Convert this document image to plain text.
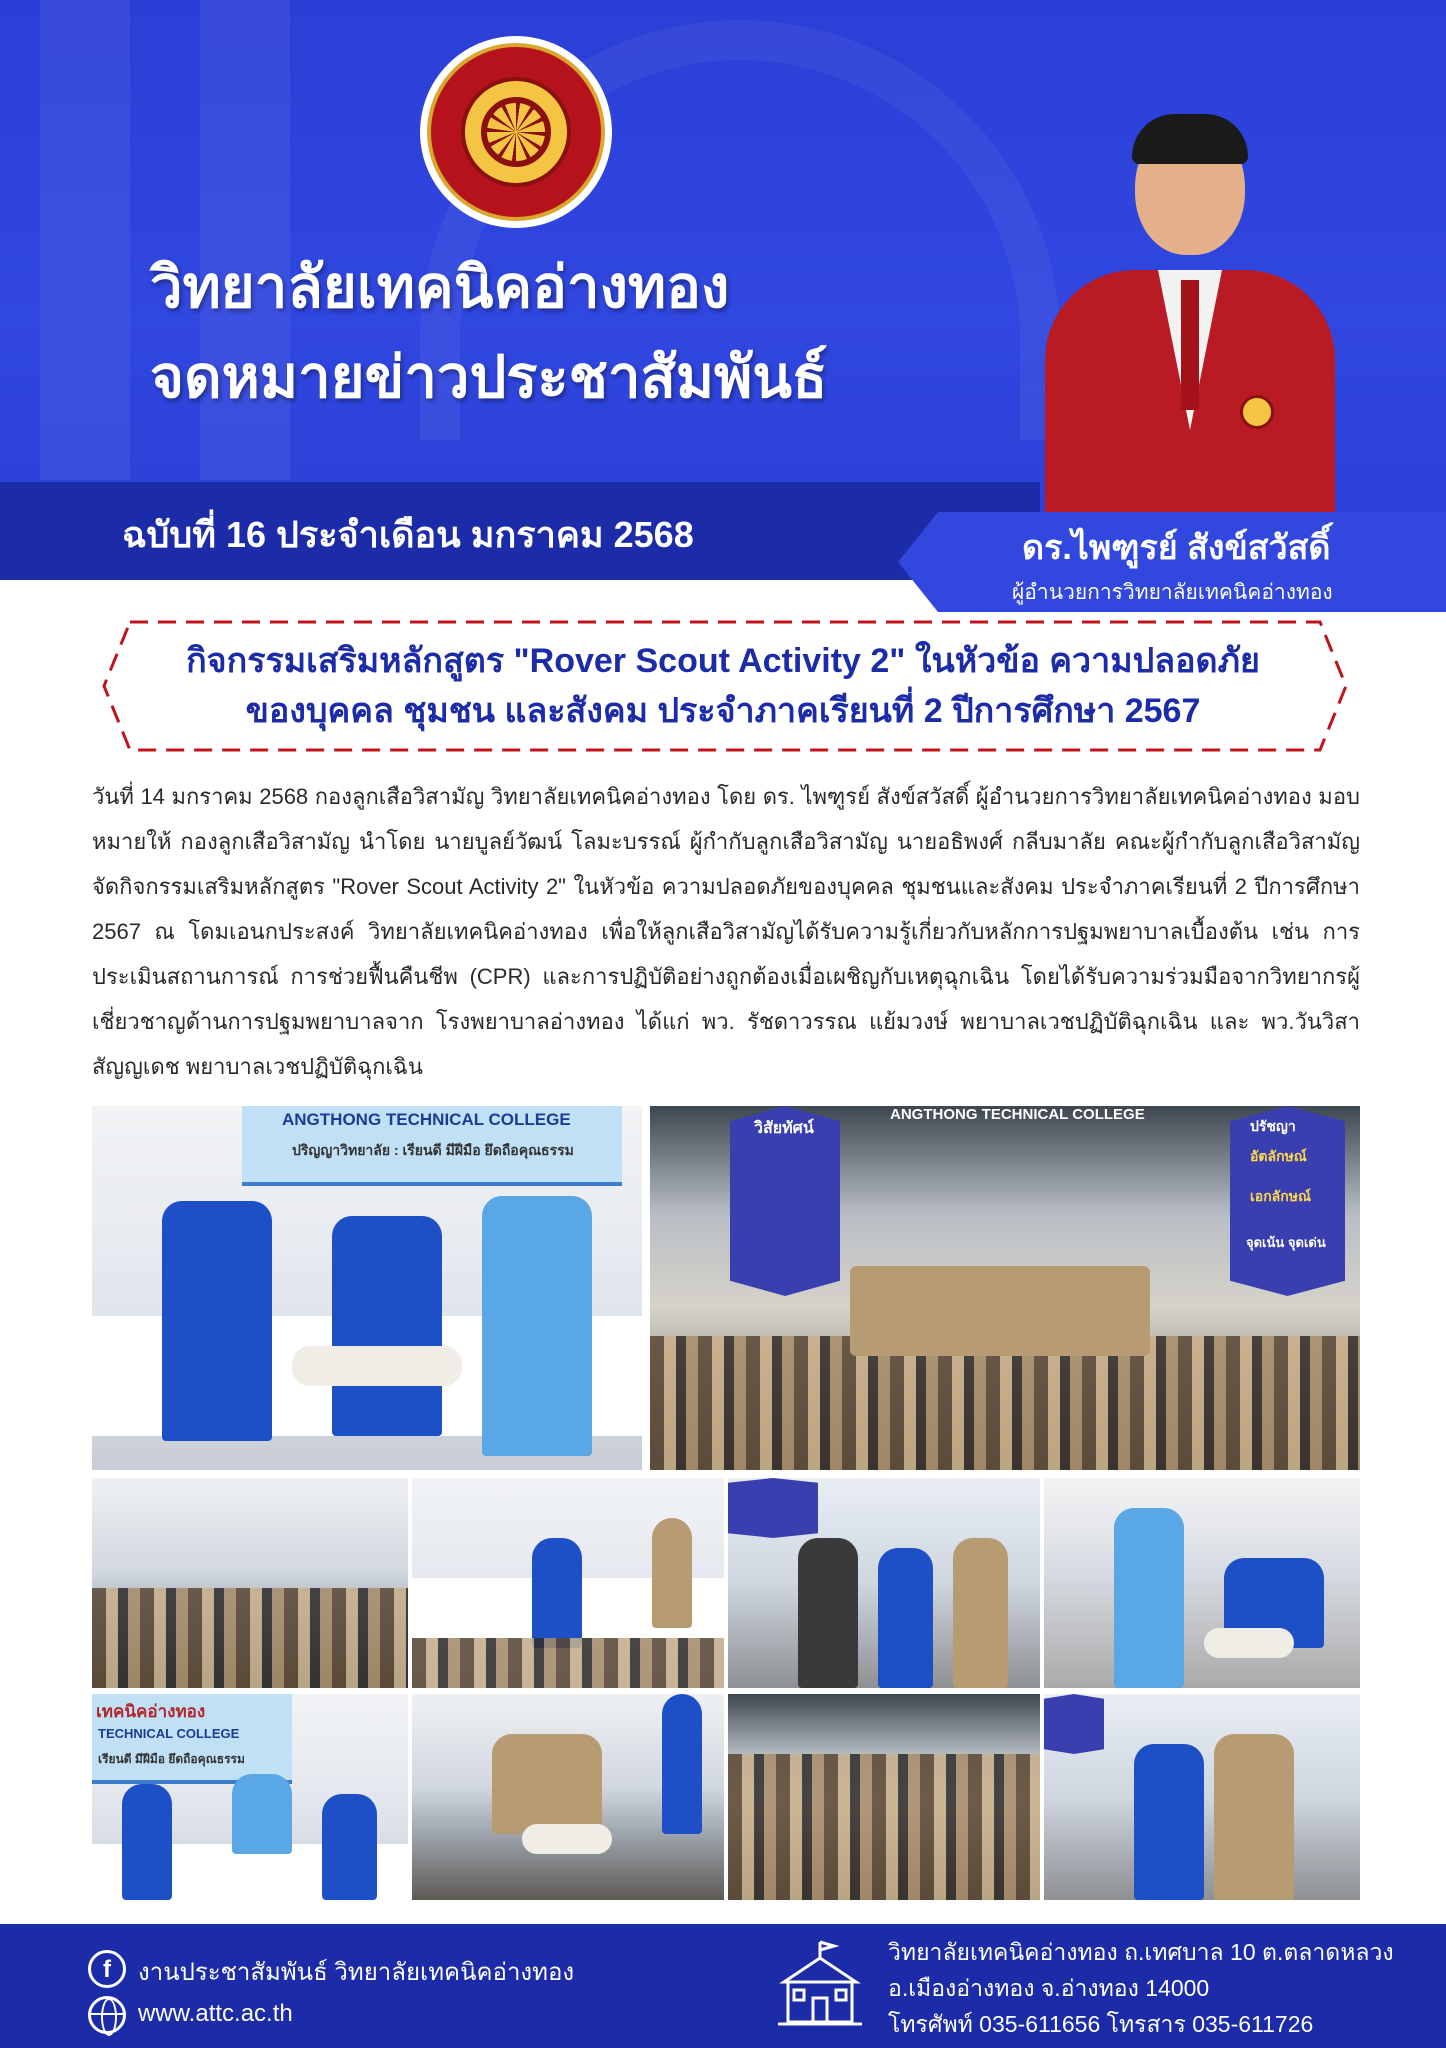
วิทยาลัยเทคนิคอ่างทอง
จดหมายข่าวประชาสัมพันธ์
ฉบับที่ 16 ประจำเดือน มกราคม 2568	ดร.ไพฑูรย์ สังข์สวัสดิ์
ผู้อำนวยการวิทยาลัยเทคนิคอ่างทอง
กิจกรรมเสริมหลักสูตร "Rover Scout Activity 2" ในหัวข้อ ความปลอดภัย
ของบุคคล ชุมชน และสังคม ประจำภาคเรียนที่ 2 ปีการศึกษา 2567
วันที่ 14 มกราคม 2568 กองลูกเสือวิสามัญ วิทยาลัยเทคนิคอ่างทอง โดย ดร. ไพฑูรย์ สังข์สวัสดิ์ ผู้อำนวยการวิทยาลัยเทคนิคอ่างทอง มอบหมายให้ กองลูกเสือวิสามัญ นำโดย นายบูลย์วัฒน์ โลมะบรรณ์ ผู้กำกับลูกเสือวิสามัญ นายอธิพงศ์ กลีบมาลัย คณะผู้กำกับลูกเสือวิสามัญ จัดกิจกรรมเสริมหลักสูตร "Rover Scout Activity 2" ในหัวข้อ ความปลอดภัยของบุคคล ชุมชนและสังคม ประจำภาคเรียนที่ 2 ปีการศึกษา 2567 ณ โดมเอนกประสงค์ วิทยาลัยเทคนิคอ่างทอง เพื่อให้ลูกเสือวิสามัญได้รับความรู้เกี่ยวกับหลักการปฐมพยาบาลเบื้องต้น เช่น การประเมินสถานการณ์ การช่วยฟื้นคืนชีพ (CPR) และการปฏิบัติอย่างถูกต้องเมื่อเผชิญกับเหตุฉุกเฉิน โดยได้รับความร่วมมือจากวิทยากรผู้เชี่ยวชาญด้านการปฐมพยาบาลจาก โรงพยาบาลอ่างทอง ได้แก่ พว. รัชดาวรรณ แย้มวงษ์ พยาบาลเวชปฏิบัติฉุกเฉิน และ พว.วันวิสา สัญญเดช พยาบาลเวชปฏิบัติฉุกเฉิน
ANGTHONG TECHNICAL COLLEGE
ปริญญาวิทยาลัย : เรียนดี มีฝีมือ ยึดถือคุณธรรม
วิสัยทัศน์	ปรัชญา
อัตลักษณ์
เอกลักษณ์
จุดเน้น จุดเด่น
ANGTHONG TECHNICAL COLLEGE
เทคนิคอ่างทอง
TECHNICAL COLLEGE
เรียนดี มีฝีมือ ยึดถือคุณธรรม
f	งานประชาสัมพันธ์ วิทยาลัยเทคนิคอ่างทอง
www.attc.ac.th
วิทยาลัยเทคนิคอ่างทอง ถ.เทศบาล 10 ต.ตลาดหลวง
อ.เมืองอ่างทอง จ.อ่างทอง 14000
โทรศัพท์ 035-611656 โทรสาร 035-611726
